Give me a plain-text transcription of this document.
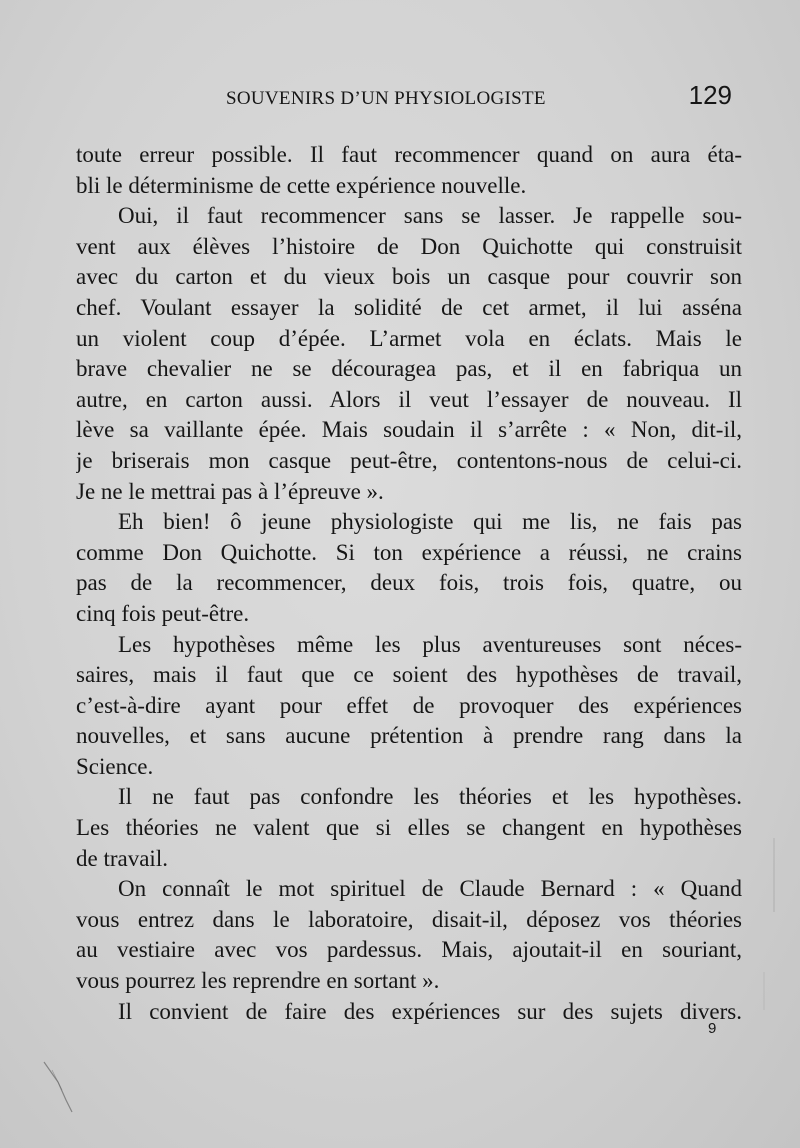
SOUVENIRS D’UN PHYSIOLOGISTE	129
toute erreur possible. Il faut recommencer quand on aura éta-
bli le déterminisme de cette expérience nouvelle.
Oui, il faut recommencer sans se lasser. Je rappelle sou-
vent aux élèves l’histoire de Don Quichotte qui construisit
avec du carton et du vieux bois un casque pour couvrir son
chef. Voulant essayer la solidité de cet armet, il lui asséna
un violent coup d’épée. L’armet vola en éclats. Mais le
brave chevalier ne se découragea pas, et il en fabriqua un
autre, en carton aussi. Alors il veut l’essayer de nouveau. Il
lève sa vaillante épée. Mais soudain il s’arrête : « Non, dit-il,
je briserais mon casque peut-être, contentons-nous de celui-ci.
Je ne le mettrai pas à l’épreuve ».
Eh bien! ô jeune physiologiste qui me lis, ne fais pas
comme Don Quichotte. Si ton expérience a réussi, ne crains
pas de la recommencer, deux fois, trois fois, quatre, ou
cinq fois peut-être.
Les hypothèses même les plus aventureuses sont néces-
saires, mais il faut que ce soient des hypothèses de travail,
c’est-à-dire ayant pour effet de provoquer des expériences
nouvelles, et sans aucune prétention à prendre rang dans la
Science.
Il ne faut pas confondre les théories et les hypothèses.
Les théories ne valent que si elles se changent en hypothèses
de travail.
On connaît le mot spirituel de Claude Bernard : « Quand
vous entrez dans le laboratoire, disait-il, déposez vos théories
au vestiaire avec vos pardessus. Mais, ajoutait-il en souriant,
vous pourrez les reprendre en sortant ».
Il convient de faire des expériences sur des sujets divers.
9
